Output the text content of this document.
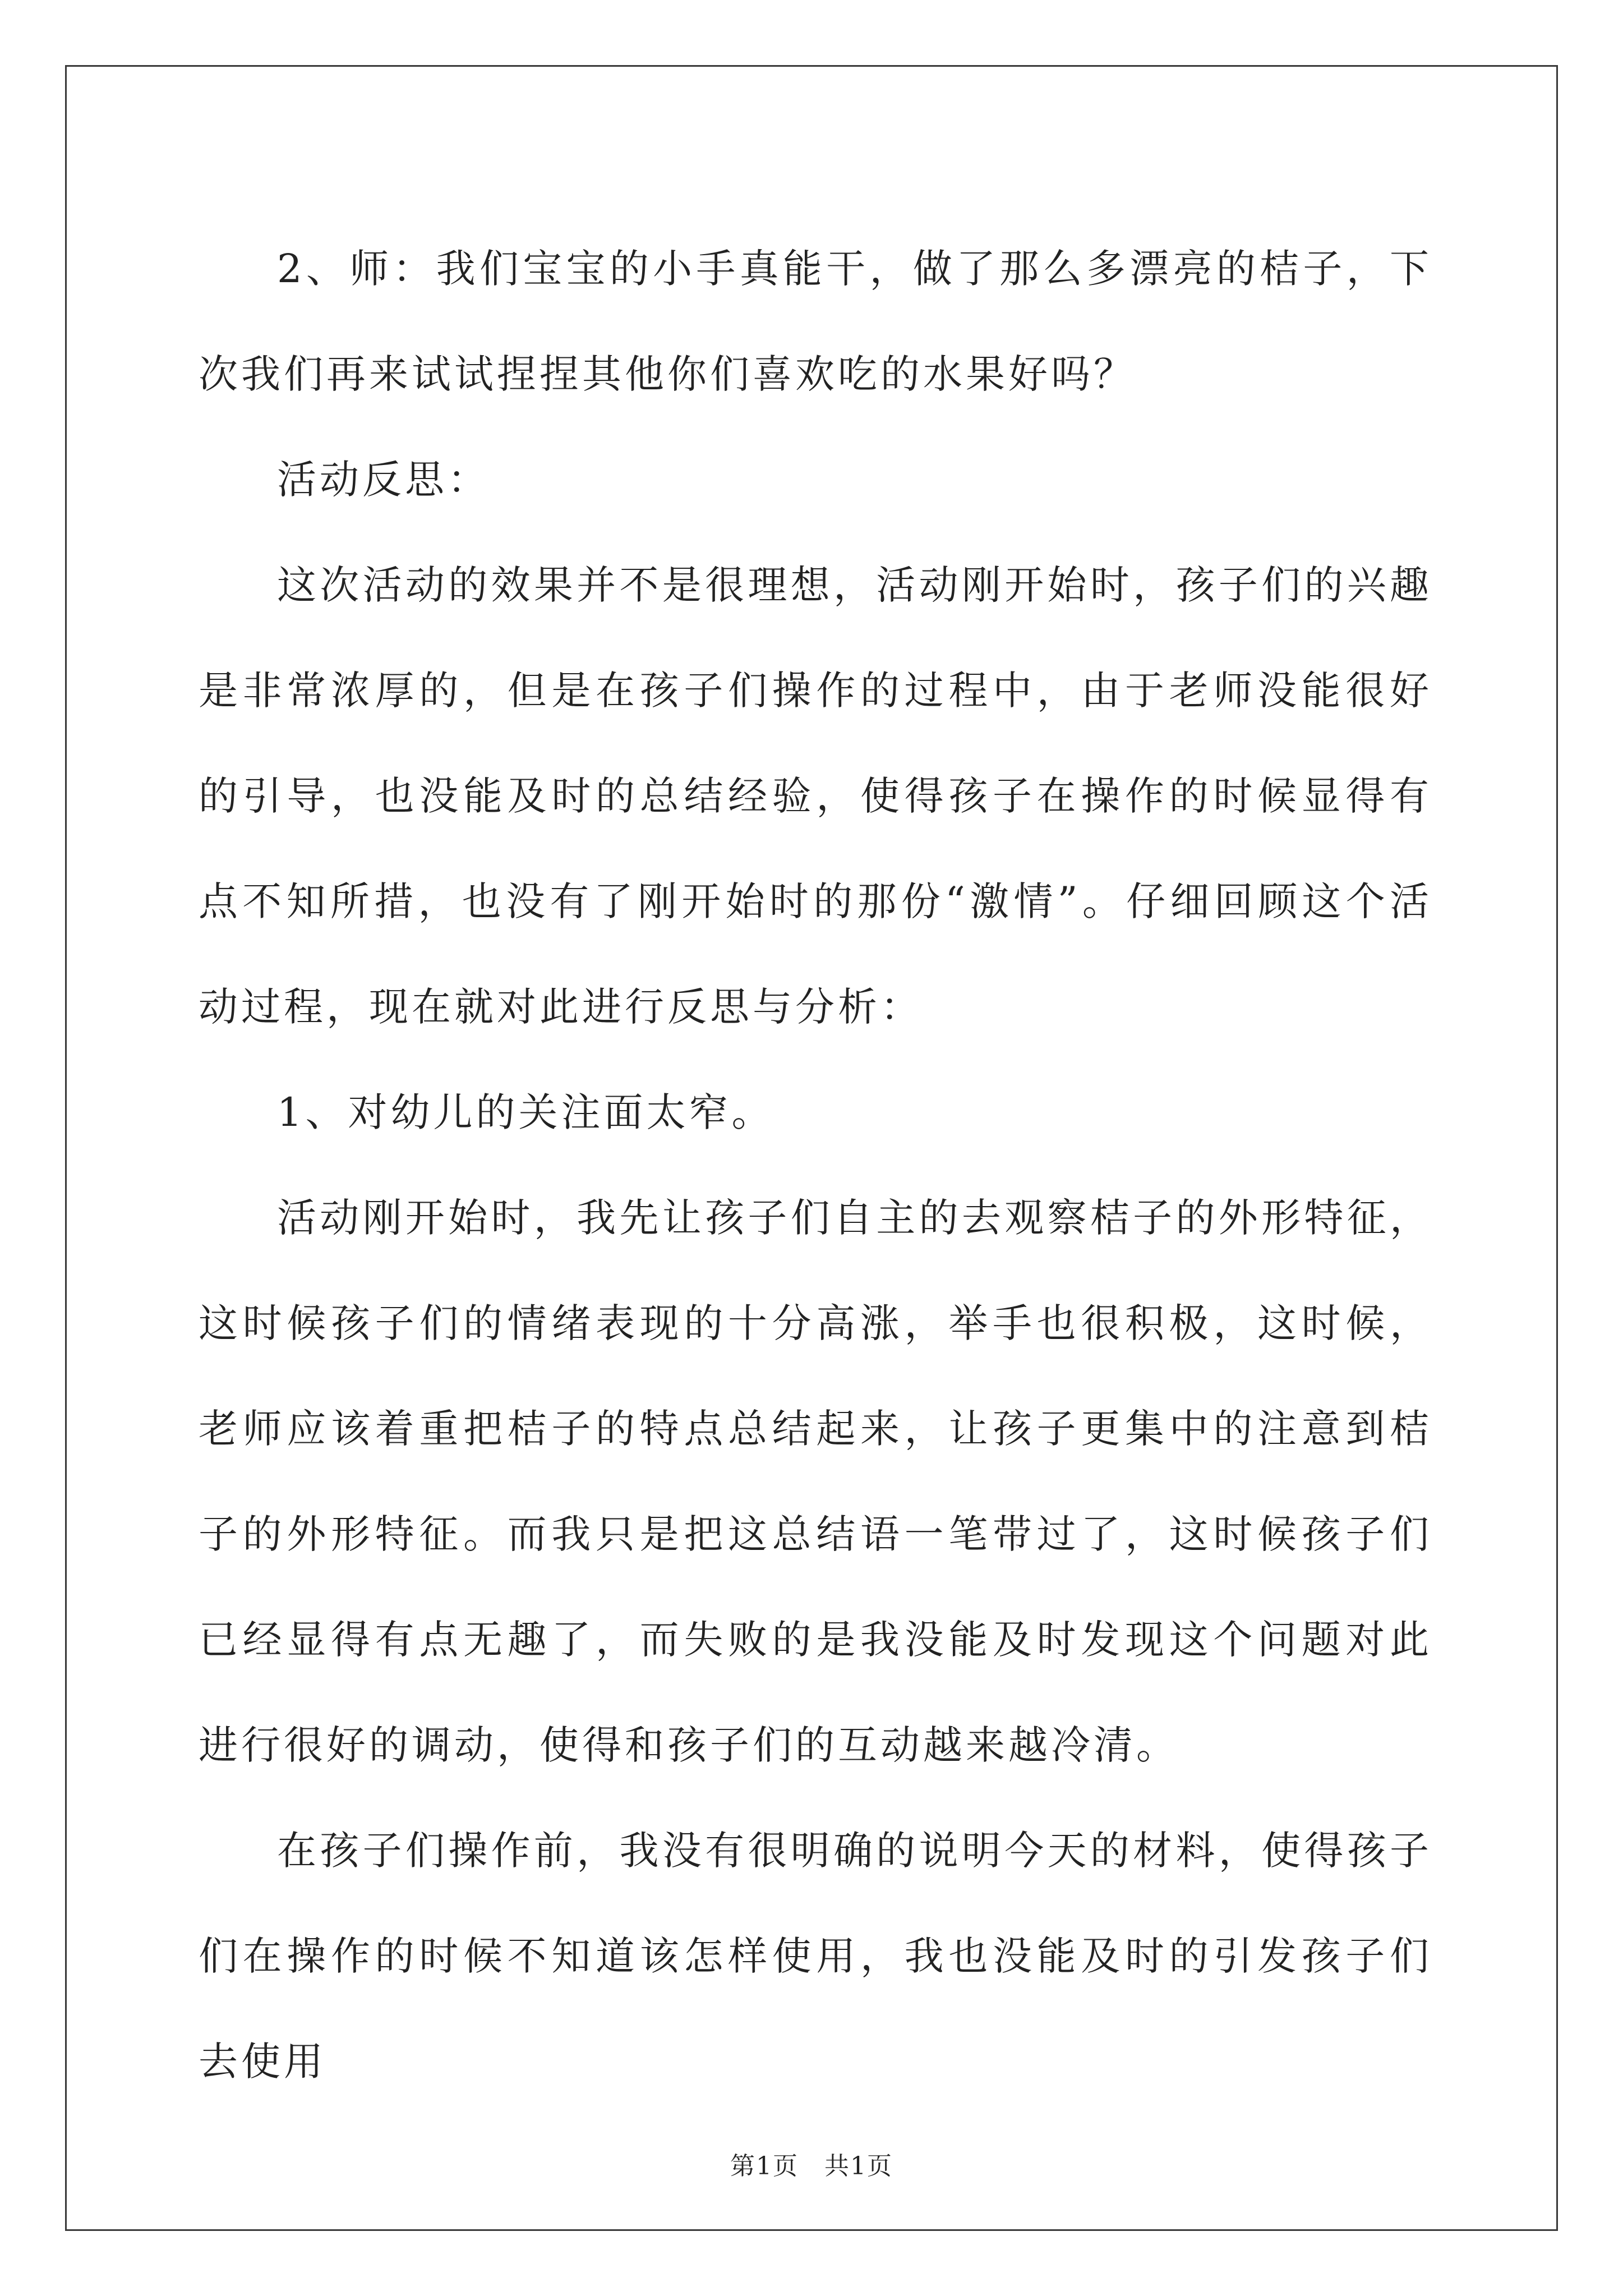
2、师：我们宝宝的小手真能干，做了那么多漂亮的桔子，下次我们再来试试捏捏其他你们喜欢吃的水果好吗？

活动反思：

这次活动的效果并不是很理想，活动刚开始时，孩子们的兴趣是非常浓厚的，但是在孩子们操作的过程中，由于老师没能很好的引导，也没能及时的总结经验，使得孩子在操作的时候显得有点不知所措，也没有了刚开始时的那份“激情”。仔细回顾这个活动过程，现在就对此进行反思与分析：

1、对幼儿的关注面太窄。

活动刚开始时，我先让孩子们自主的去观察桔子的外形特征，这时候孩子们的情绪表现的十分高涨，举手也很积极，这时候，老师应该着重把桔子的特点总结起来，让孩子更集中的注意到桔子的外形特征。而我只是把这总结语一笔带过了，这时候孩子们已经显得有点无趣了，而失败的是我没能及时发现这个问题对此进行很好的调动，使得和孩子们的互动越来越冷清。

在孩子们操作前，我没有很明确的说明今天的材料，使得孩子们在操作的时候不知道该怎样使用，我也没能及时的引发孩子们去使用

第1页　共1页
